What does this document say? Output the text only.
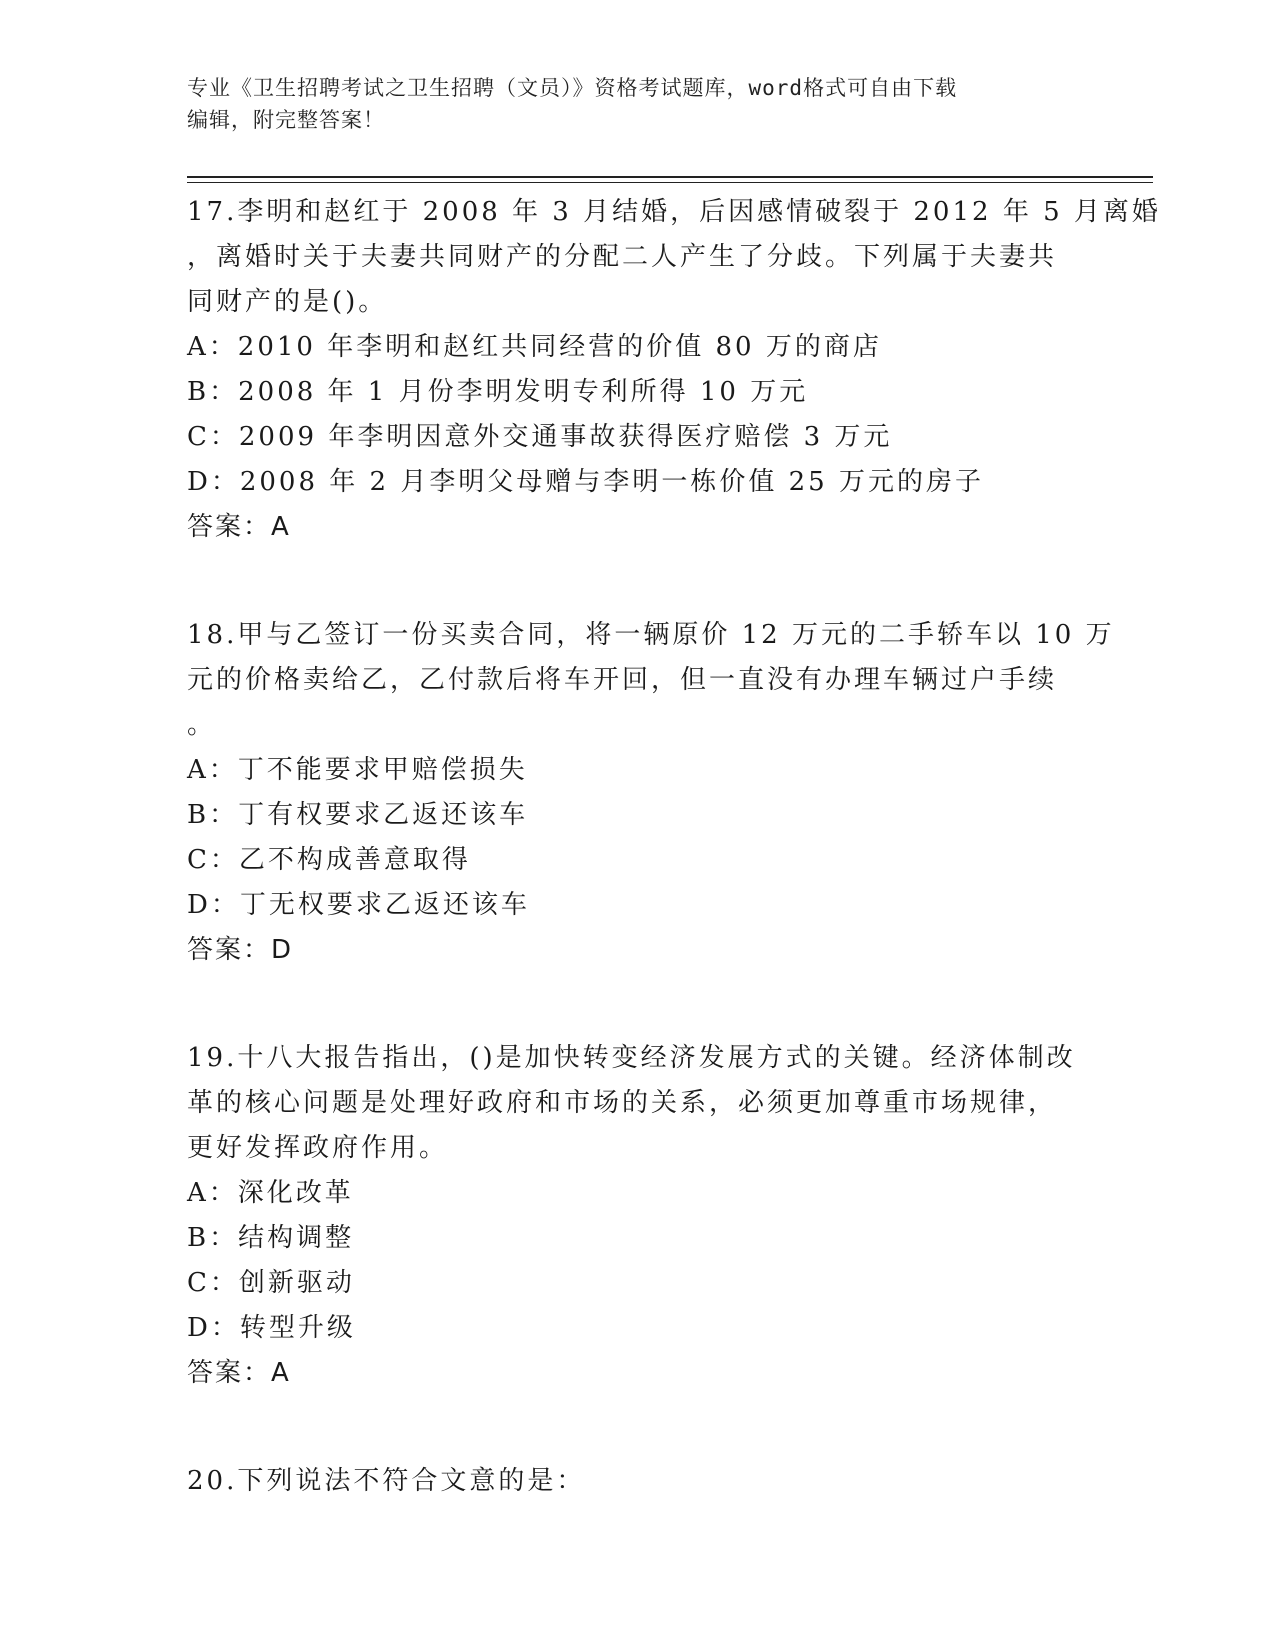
专业《卫生招聘考试之卫生招聘（文员）》资格考试题库，word格式可自由下载

编辑，附完整答案！

17.李明和赵红于 2008 年 3 月结婚，后因感情破裂于 2012 年 5 月离婚

，离婚时关于夫妻共同财产的分配二人产生了分歧。下列属于夫妻共

同财产的是()。

A：2010 年李明和赵红共同经营的价值 80 万的商店

B：2008 年 1 月份李明发明专利所得 10 万元

C：2009 年李明因意外交通事故获得医疗赔偿 3 万元

D：2008 年 2 月李明父母赠与李明一栋价值 25 万元的房子

答案：A

18.甲与乙签订一份买卖合同，将一辆原价 12 万元的二手轿车以 10 万

元的价格卖给乙，乙付款后将车开回，但一直没有办理车辆过户手续

。

A：丁不能要求甲赔偿损失

B：丁有权要求乙返还该车

C：乙不构成善意取得

D：丁无权要求乙返还该车

答案：D

19.十八大报告指出，()是加快转变经济发展方式的关键。经济体制改

革的核心问题是处理好政府和市场的关系，必须更加尊重市场规律，

更好发挥政府作用。

A：深化改革

B：结构调整

C：创新驱动

D：转型升级

答案：A

20.下列说法不符合文意的是：
